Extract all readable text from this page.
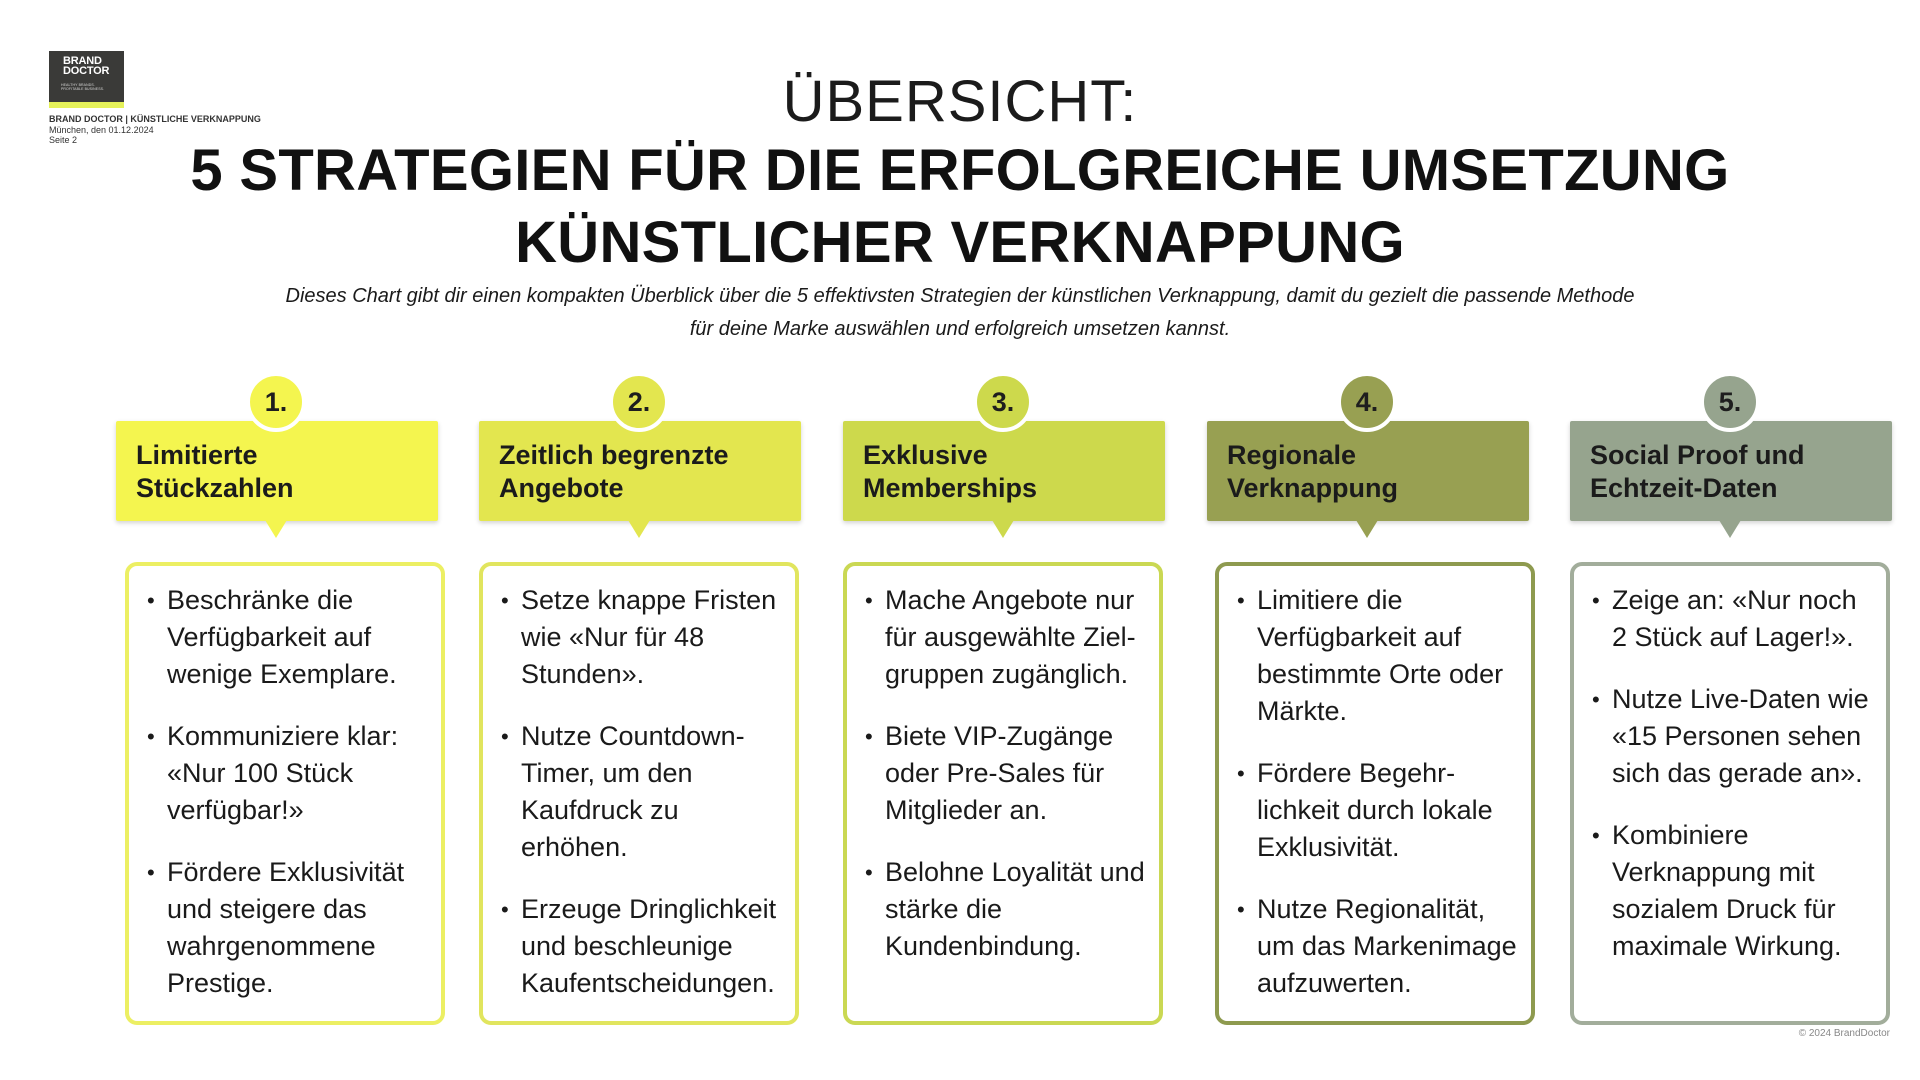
BRAND
DOCTOR
HEALTHY BRANDS. PROFITABLE BUSINESS.
BRAND DOCTOR | KÜNSTLICHE VERKNAPPUNG
München, den 01.12.2024
Seite 2
ÜBERSICHT:
5 STRATEGIEN FÜR DIE ERFOLGREICHE UMSETZUNG
KÜNSTLICHER VERKNAPPUNG
Dieses Chart gibt dir einen kompakten Überblick über die 5 effektivsten Strategien der künstlichen Verknappung, damit du gezielt die passende Methode
für deine Marke auswählen und erfolgreich umsetzen kannst.
1.
Limitierte
Stückzahlen
• Beschränke die Verfügbarkeit auf wenige Exemplare.
• Kommuniziere klar: «Nur 100 Stück verfügbar!»
• Fördere Exklusivität und steigere das wahrgenommene Prestige.
2.
Zeitlich begrenzte
Angebote
• Setze knappe Fristen wie «Nur für 48 Stunden».
• Nutze Countdown-Timer, um den Kaufdruck zu erhöhen.
• Erzeuge Dringlichkeit und beschleunige Kaufentscheidungen.
3.
Exklusive
Memberships
• Mache Angebote nur für ausgewählte Ziel-gruppen zugänglich.
• Biete VIP-Zugänge oder Pre-Sales für Mitglieder an.
• Belohne Loyalität und stärke die Kundenbindung.
4.
Regionale
Verknappung
• Limitiere die Verfügbarkeit auf bestimmte Orte oder Märkte.
• Fördere Begehr-lichkeit durch lokale Exklusivität.
• Nutze Regionalität, um das Markenimage aufzuwerten.
5.
Social Proof und
Echtzeit-Daten
• Zeige an: «Nur noch 2 Stück auf Lager!».
• Nutze Live-Daten wie «15 Personen sehen sich das gerade an».
• Kombiniere Verknappung mit sozialem Druck für maximale Wirkung.
© 2024 BrandDoctor
